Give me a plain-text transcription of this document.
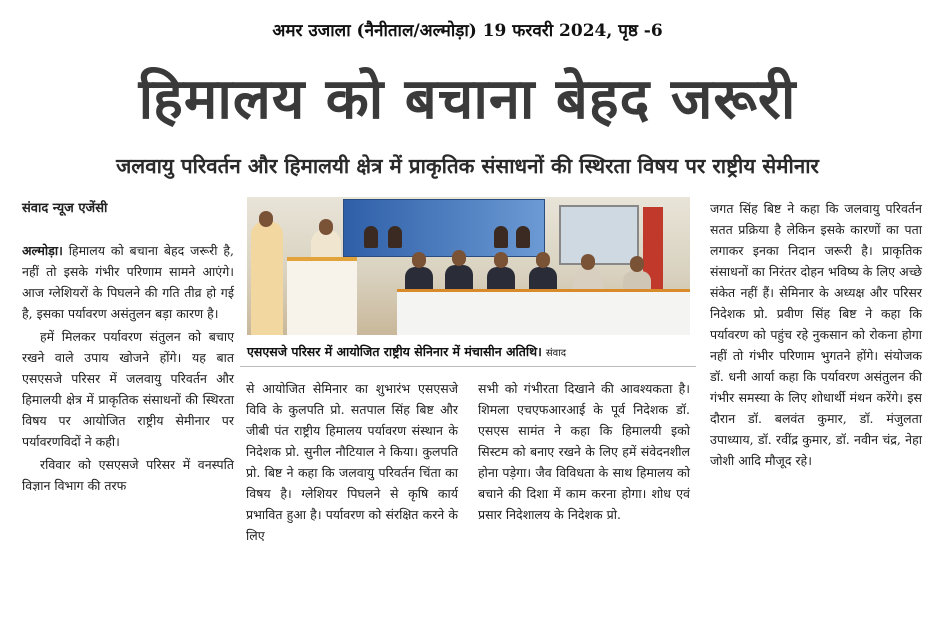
अमर उजाला (नैनीताल/अल्मोड़ा) 19 फरवरी 2024, पृष्ठ -6
हिमालय को बचाना बेहद जरूरी
जलवायु परिवर्तन और हिमालयी क्षेत्र में प्राकृतिक संसाधनों की स्थिरता विषय पर राष्ट्रीय सेमीनार
संवाद न्यूज एजेंसी

अल्मोड़ा। हिमालय को बचाना बेहद जरूरी है, नहीं तो इसके गंभीर परिणाम सामने आएंगे। आज ग्लेशियरों के पिघलने की गति तीव्र हो गई है, इसका पर्यावरण असंतुलन बड़ा कारण है।

हमें मिलकर पर्यावरण संतुलन को बचाए रखने वाले उपाय खोजने होंगे। यह बात एसएसजे परिसर में जलवायु परिवर्तन और हिमालयी क्षेत्र में प्राकृतिक संसाधनों की स्थिरता विषय पर आयोजित राष्ट्रीय सेमीनार पर पर्यावरणविदों ने कही।

रविवार को एसएसजे परिसर में वनस्पति विज्ञान विभाग की तरफ

एसएसजे परिसर में आयोजित राष्ट्रीय सेनिनार में मंचासीन अतिथि। संवाद

से आयोजित सेमिनार का शुभारंभ एसएसजे विवि के कुलपति प्रो. सतपाल सिंह बिष्ट और जीबी पंत राष्ट्रीय हिमालय पर्यावरण संस्थान के निदेशक प्रो. सुनील नौटियाल ने किया। कुलपति प्रो. बिष्ट ने कहा कि जलवायु परिवर्तन चिंता का विषय है। ग्लेशियर पिघलने से कृषि कार्य प्रभावित हुआ है। पर्यावरण को संरक्षित करने के लिए

सभी को गंभीरता दिखाने की आवश्यकता है। शिमला एचएफआरआई के पूर्व निदेशक डॉ. एसएस सामंत ने कहा कि हिमालयी इको सिस्टम को बनाए रखने के लिए हमें संवेदनशील होना पड़ेगा। जैव विविधता के साथ हिमालय को बचाने की दिशा में काम करना होगा। शोध एवं प्रसार निदेशालय के निदेशक प्रो.

जगत सिंह बिष्ट ने कहा कि जलवायु परिवर्तन सतत प्रक्रिया है लेकिन इसके कारणों का पता लगाकर इनका निदान जरूरी है। प्राकृतिक संसाधनों का निरंतर दोहन भविष्य के लिए अच्छे संकेत नहीं हैं। सेमिनार के अध्यक्ष और परिसर निदेशक प्रो. प्रवीण सिंह बिष्ट ने कहा कि पर्यावरण को पहुंच रहे नुकसान को रोकना होगा नहीं तो गंभीर परिणाम भुगतने होंगे। संयोजक डॉ. धनी आर्या कहा कि पर्यावरण असंतुलन की गंभीर समस्या के लिए शोधार्थी मंथन करेंगे। इस दौरान डॉ. बलवंत कुमार, डॉ. मंजुलता उपाध्याय, डॉ. रवींद्र कुमार, डॉ. नवीन चंद्र, नेहा जोशी आदि मौजूद रहे।
